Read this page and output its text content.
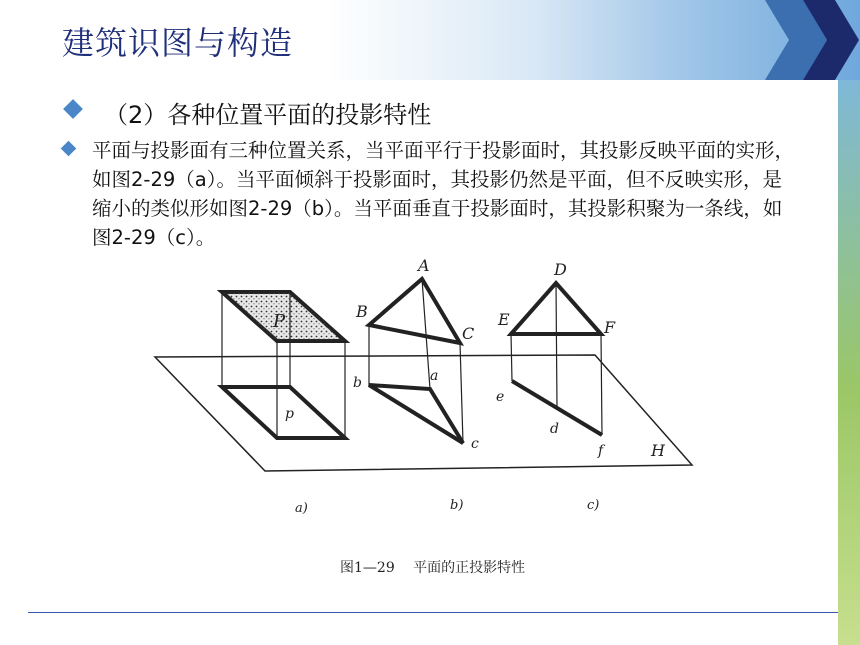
建筑识图与构造
（2）各种位置平面的投影特性
平面与投影面有三种位置关系，当平面平行于投影面时，其投影反映平面的实形，如图2-29（a）。当平面倾斜于投影面时，其投影仍然是平面，但不反映实形，是缩小的类似形如图2-29（b）。当平面垂直于投影面时，其投影积聚为一条线，如图2-29（c）。
P
p
A
B
C
a
b
c
D
E	F
d
e
f	H
a)	b)	c)
图1—29　 平面的正投影特性
